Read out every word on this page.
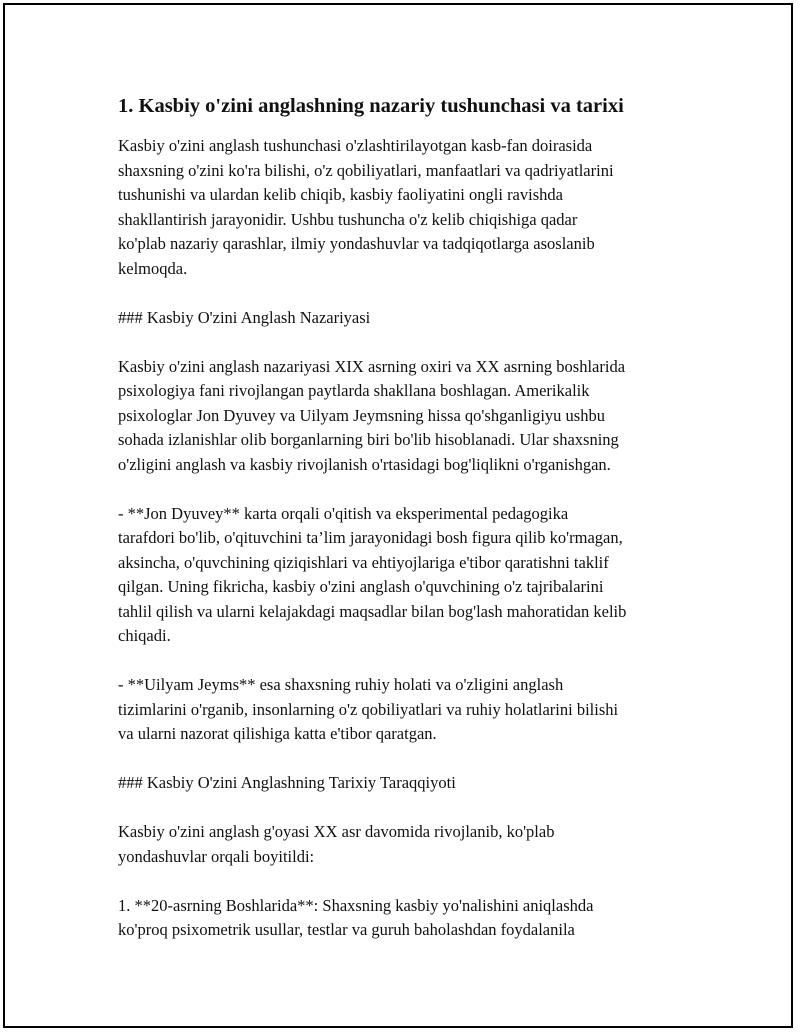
1. Kasbiy o'zini anglashning nazariy tushunchasi va tarixi
Kasbiy o'zini anglash tushunchasi o'zlashtirilayotgan kasb-fan doirasida
shaxsning o'zini ko'ra bilishi, o'z qobiliyatlari, manfaatlari va qadriyatlarini
tushunishi va ulardan kelib chiqib, kasbiy faoliyatini ongli ravishda
shakllantirish jarayonidir. Ushbu tushuncha o'z kelib chiqishiga qadar
ko'plab nazariy qarashlar, ilmiy yondashuvlar va tadqiqotlarga asoslanib
kelmoqda.
### Kasbiy O'zini Anglash Nazariyasi
Kasbiy o'zini anglash nazariyasi XIX asrning oxiri va XX asrning boshlarida
psixologiya fani rivojlangan paytlarda shakllana boshlagan. Amerikalik
psixologlar Jon Dyuvey va Uilyam Jeymsning hissa qo'shganligiyu ushbu
sohada izlanishlar olib borganlarning biri bo'lib hisoblanadi. Ular shaxsning
o'zligini anglash va kasbiy rivojlanish o'rtasidagi bog'liqlikni o'rganishgan.
- **Jon Dyuvey** karta orqali o'qitish va eksperimental pedagogika
tarafdori bo'lib, o'qituvchini ta’lim jarayonidagi bosh figura qilib ko'rmagan,
aksincha, o'quvchining qiziqishlari va ehtiyojlariga e'tibor qaratishni taklif
qilgan. Uning fikricha, kasbiy o'zini anglash o'quvchining o'z tajribalarini
tahlil qilish va ularni kelajakdagi maqsadlar bilan bog'lash mahoratidan kelib
chiqadi.
- **Uilyam Jeyms** esa shaxsning ruhiy holati va o'zligini anglash
tizimlarini o'rganib, insonlarning o'z qobiliyatlari va ruhiy holatlarini bilishi
va ularni nazorat qilishiga katta e'tibor qaratgan.
### Kasbiy O'zini Anglashning Tarixiy Taraqqiyoti
Kasbiy o'zini anglash g'oyasi XX asr davomida rivojlanib, ko'plab
yondashuvlar orqali boyitildi:
1. **20-asrning Boshlarida**: Shaxsning kasbiy yo'nalishini aniqlashda
ko'proq psixometrik usullar, testlar va guruh baholashdan foydalanila
